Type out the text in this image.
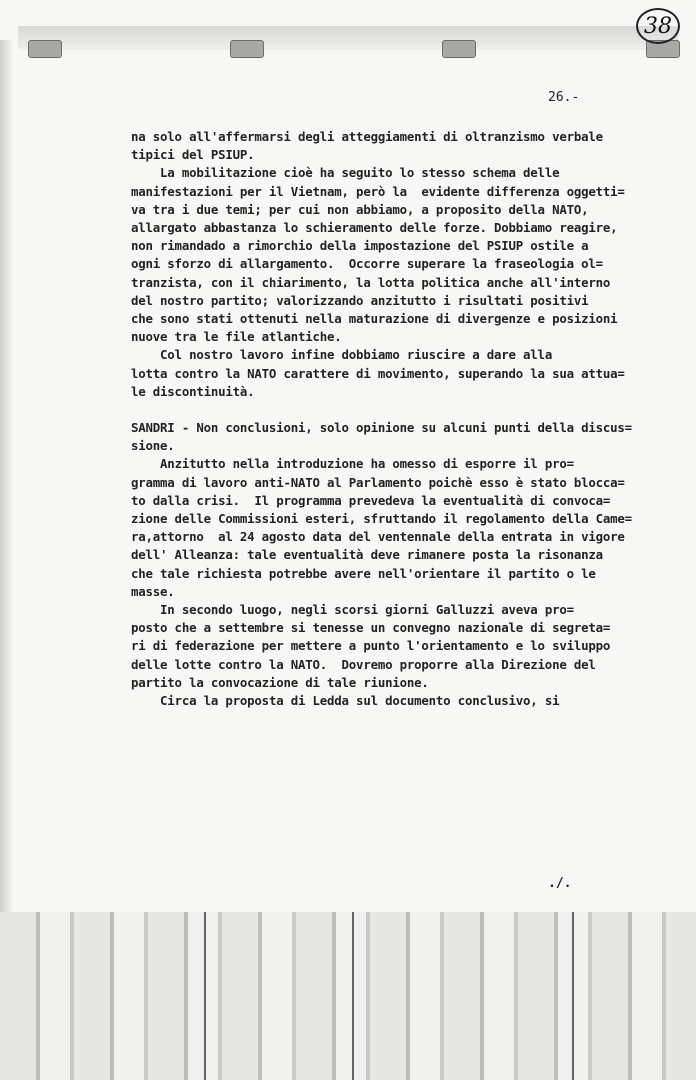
38
26.-

na solo all'affermarsi degli atteggiamenti di oltranzismo verbale

tipici del PSIUP.

La mobilitazione cioè ha seguito lo stesso schema delle

manifestazioni per il Vietnam, però la  evidente differenza oggetti=

va tra i due temi; per cui non abbiamo, a proposito della NATO,

allargato abbastanza lo schieramento delle forze. Dobbiamo reagire,

non rimandado a rimorchio della impostazione del PSIUP ostile a

ogni sforzo di allargamento.  Occorre superare la fraseologia ol=

tranzista, con il chiarimento, la lotta politica anche all'interno

del nostro partito; valorizzando anzitutto i risultati positivi

che sono stati ottenuti nella maturazione di divergenze e posizioni

nuove tra le file atlantiche.

Col nostro lavoro infine dobbiamo riuscire a dare alla

lotta contro la NATO carattere di movimento, superando la sua attua=

le discontinuità.

SANDRI - Non conclusioni, solo opinione su alcuni punti della discus=

sione.

Anzitutto nella introduzione ha omesso di esporre il pro=

gramma di lavoro anti-NATO al Parlamento poichè esso è stato blocca=

to dalla crisi.  Il programma prevedeva la eventualità di convoca=

zione delle Commissioni esteri, sfruttando il regolamento della Came=

ra,attorno  al 24 agosto data del ventennale della entrata in vigore

dell' Alleanza: tale eventualità deve rimanere posta la risonanza

che tale richiesta potrebbe avere nell'orientare il partito o le

masse.

In secondo luogo, negli scorsi giorni Galluzzi aveva pro=

posto che a settembre si tenesse un convegno nazionale di segreta=

ri di federazione per mettere a punto l'orientamento e lo sviluppo

delle lotte contro la NATO.  Dovremo proporre alla Direzione del

partito la convocazione di tale riunione.

Circa la proposta di Ledda sul documento conclusivo, si

./.
